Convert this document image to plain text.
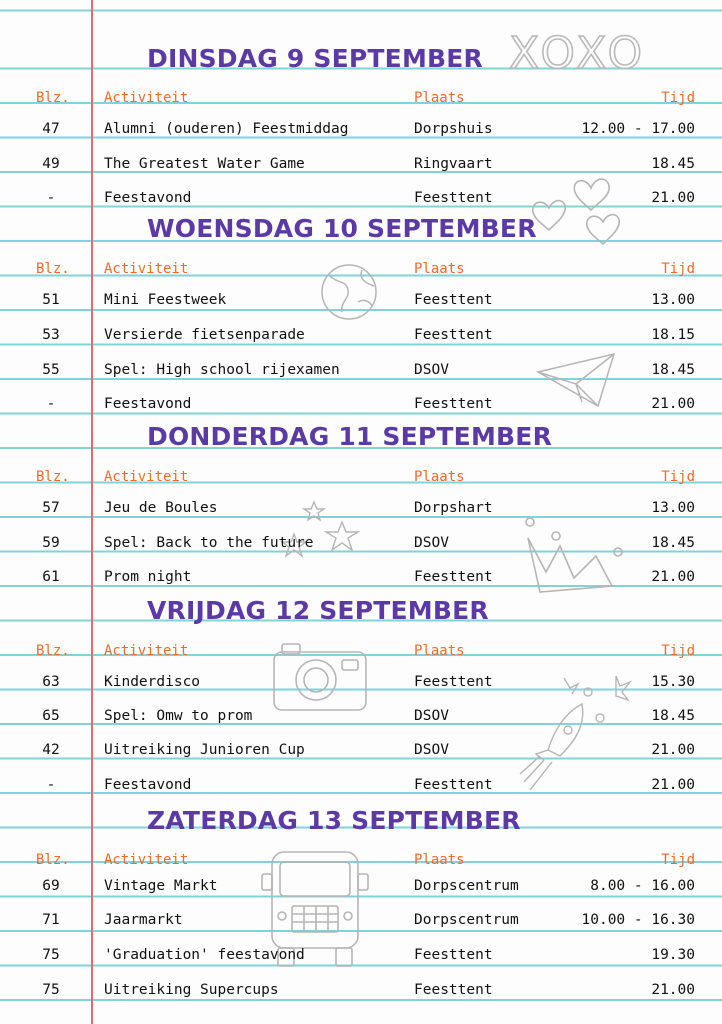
XOXO
DINSDAG 9 SEPTEMBER
Blz. Activiteit	Plaats	Tijd
47	Alumni (ouderen) Feestmiddag	Dorpshuis	12.00 - 17.00
49	The Greatest Water Game	Ringvaart	18.45
-	Feestavond	Feesttent	21.00
WOENSDAG 10 SEPTEMBER
Blz. Activiteit	Plaats	Tijd
51	Mini Feestweek	Feesttent	13.00
53	Versierde fietsenparade	Feesttent	18.15
55	Spel: High school rijexamen	DSOV	18.45
-	Feestavond	Feesttent	21.00
DONDERDAG 11 SEPTEMBER
Blz. Activiteit	Plaats	Tijd
57	Jeu de Boules	Dorpshart	13.00
59	Spel: Back to the future	DSOV	18.45
61	Prom night	Feesttent	21.00
VRIJDAG 12 SEPTEMBER
Blz. Activiteit	Plaats	Tijd
63	Kinderdisco	Feesttent	15.30
65	Spel: Omw to prom	DSOV	18.45
42	Uitreiking Junioren Cup	DSOV	21.00
-	Feestavond	Feesttent	21.00
ZATERDAG 13 SEPTEMBER
Blz. Activiteit	Plaats	Tijd
69	Vintage Markt	Dorpscentrum	8.00 - 16.00
71	Jaarmarkt	Dorpscentrum	10.00 - 16.30
75	'Graduation' feestavond	Feesttent	19.30
75	Uitreiking Supercups	Feesttent	21.00
